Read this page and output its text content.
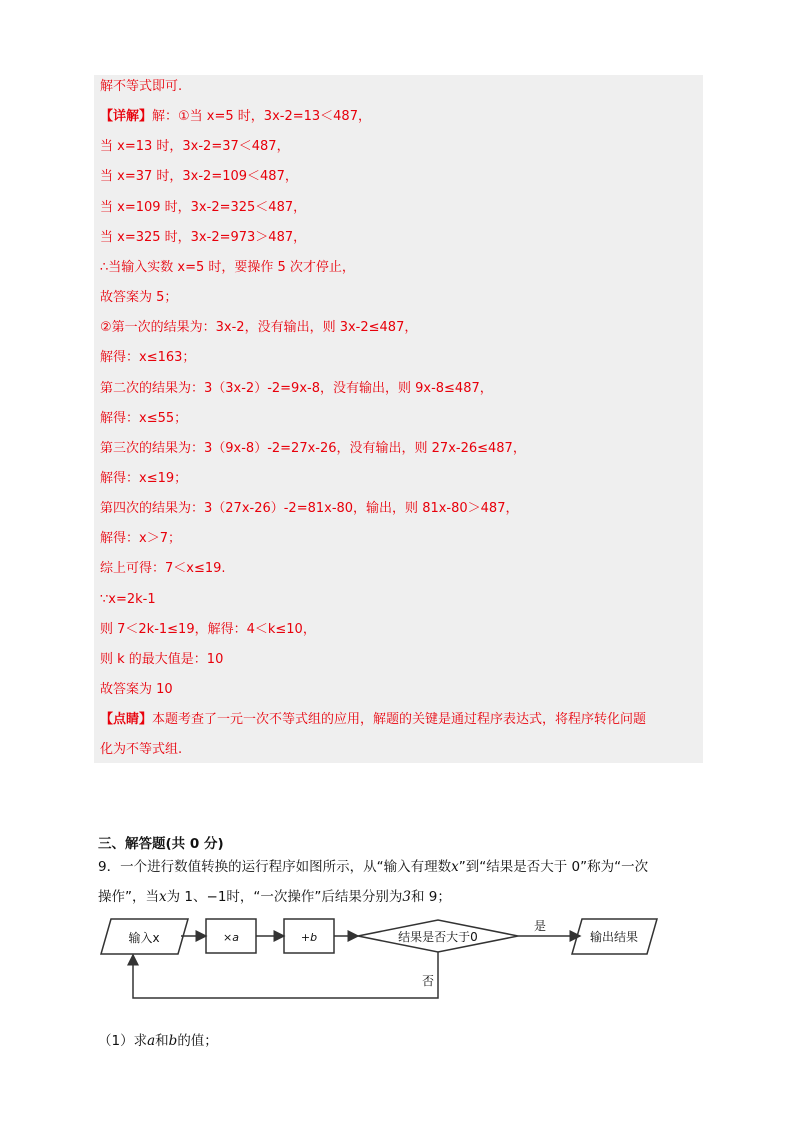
解不等式即可.
【详解】解：①当 x=5 时，3x-2=13＜487，
当 x=13 时，3x-2=37＜487，
当 x=37 时，3x-2=109＜487，
当 x=109 时，3x-2=325＜487，
当 x=325 时，3x-2=973＞487，
∴当输入实数 x=5 时，要操作 5 次才停止，
故答案为 5；
②第一次的结果为：3x-2，没有输出，则 3x-2≤487，
解得：x≤163；
第二次的结果为：3（3x-2）-2=9x-8，没有输出，则 9x-8≤487，
解得：x≤55；
第三次的结果为：3（9x-8）-2=27x-26，没有输出，则 27x-26≤487，
解得：x≤19；
第四次的结果为：3（27x-26）-2=81x-80，输出，则 81x-80＞487，
解得：x＞7；
综上可得：7＜x≤19.
∵x=2k-1
则 7＜2k-1≤19，解得：4＜k≤10，
则 k 的最大值是：10
故答案为 10
【点睛】本题考查了一元一次不等式组的应用，解题的关键是通过程序表达式，将程序转化问题
化为不等式组.
三、解答题(共 0 分)
9．一个进行数值转换的运行程序如图所示，从“输入有理数x”到“结果是否大于 0”称为“一次
操作”，当x为 1、−1时，“一次操作”后结果分别为3和 9；
输入x	×a	+b	结果是否大于0
是
输出结果
否
（1）求a和b的值；
